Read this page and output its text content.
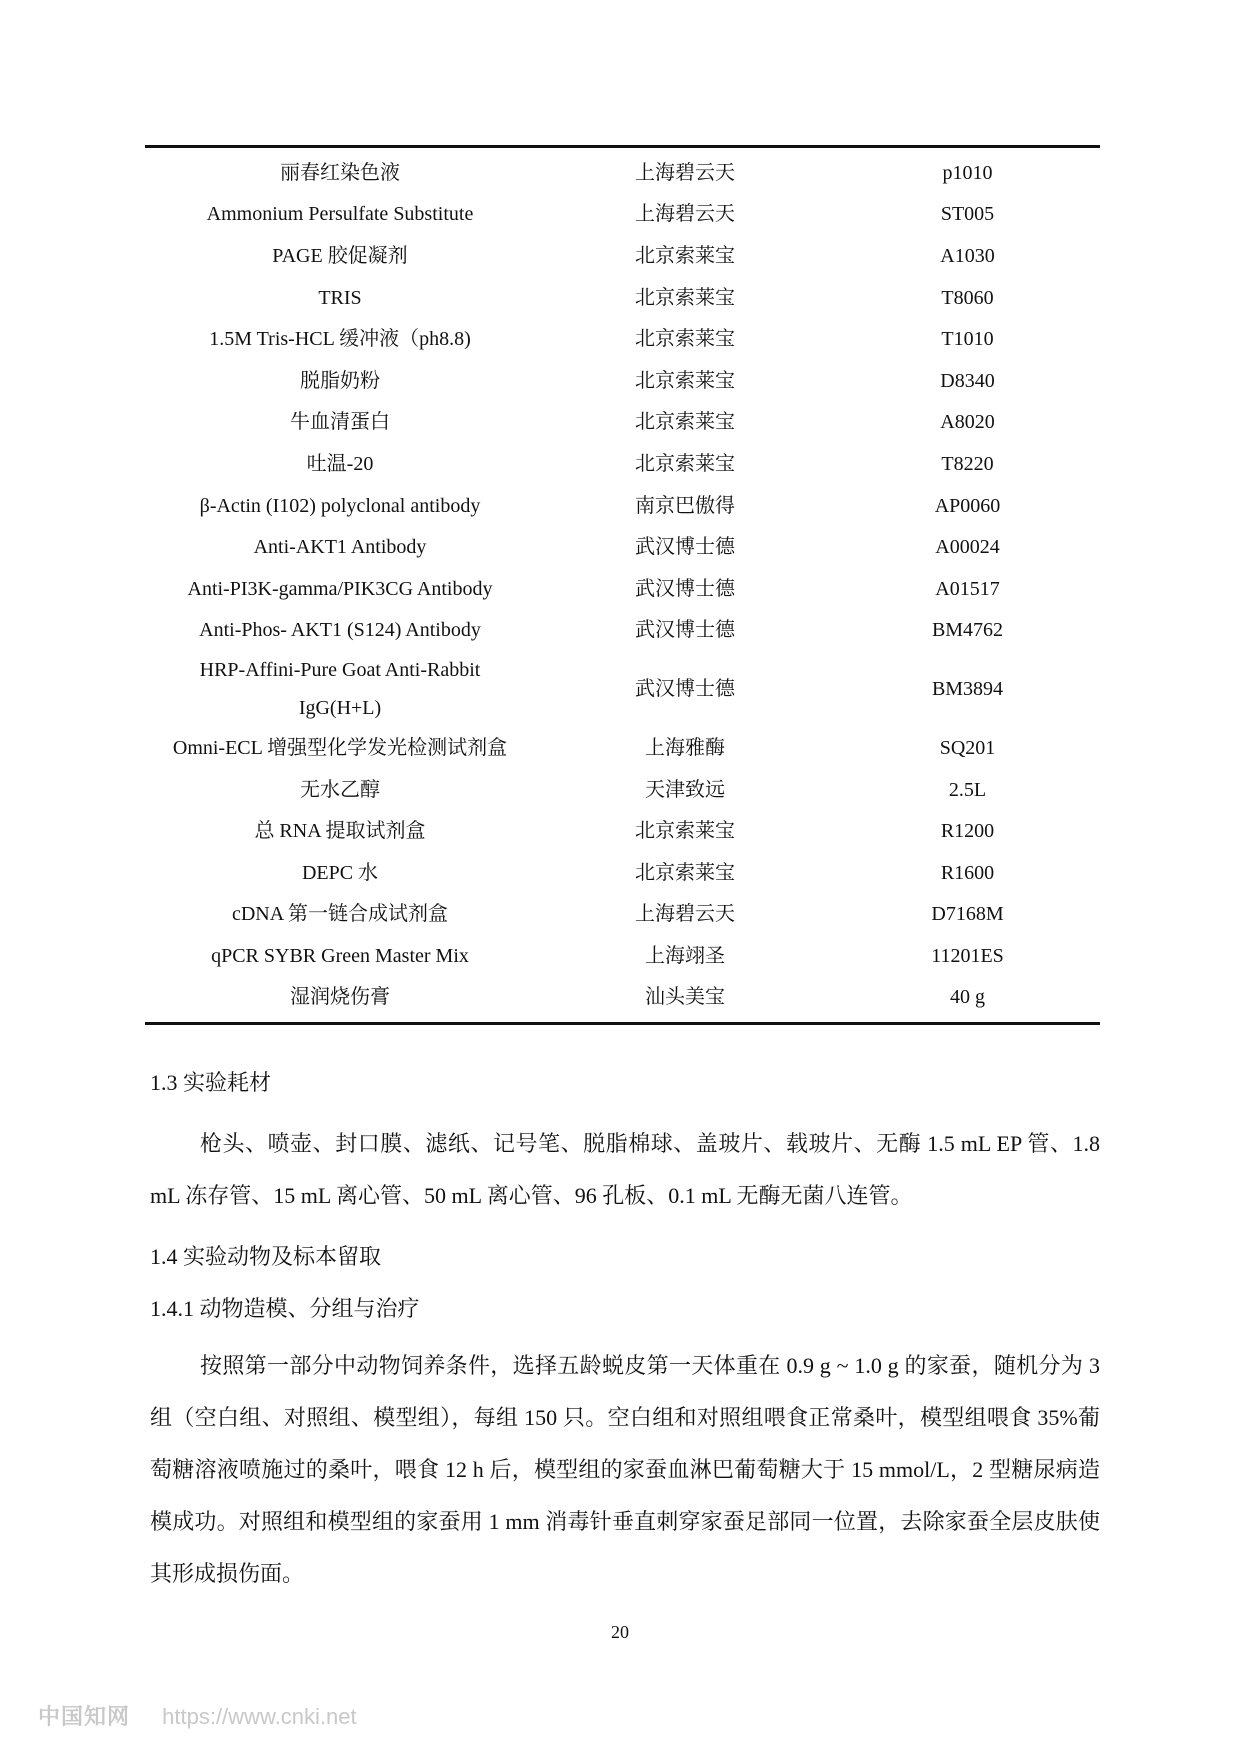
丽春红染色液	上海碧云天	p1010
Ammonium Persulfate Substitute	上海碧云天	ST005
PAGE 胶促凝剂	北京索莱宝	A1030
TRIS	北京索莱宝	T8060
1.5M Tris-HCL 缓冲液（ph8.8)	北京索莱宝	T1010
脱脂奶粉	北京索莱宝	D8340
牛血清蛋白	北京索莱宝	A8020
吐温-20	北京索莱宝	T8220
β-Actin (I102) polyclonal antibody	南京巴傲得	AP0060
Anti-AKT1 Antibody	武汉博士德	A00024
Anti-PI3K-gamma/PIK3CG Antibody	武汉博士德	A01517
Anti-Phos- AKT1 (S124) Antibody	武汉博士德	BM4762

HRP-Affini-Pure Goat Anti-Rabbit
IgG(H+L)	武汉博士德	BM3894
Omni-ECL 增强型化学发光检测试剂盒	上海雅酶	SQ201
无水乙醇	天津致远	2.5L
总 RNA 提取试剂盒	北京索莱宝	R1200
DEPC 水	北京索莱宝	R1600
cDNA 第一链合成试剂盒	上海碧云天	D7168M
qPCR SYBR Green Master Mix	上海翊圣	11201ES
湿润烧伤膏	汕头美宝	40 g
1.3 实验耗材
枪头、喷壶、封口膜、滤纸、记号笔、脱脂棉球、盖玻片、载玻片、无酶 1.5 mL EP 管、1.8 mL 冻存管、15 mL 离心管、50 mL 离心管、96 孔板、0.1 mL 无酶无菌八连管。
1.4 实验动物及标本留取
1.4.1 动物造模、分组与治疗
按照第一部分中动物饲养条件，选择五龄蜕皮第一天体重在 0.9 g ~ 1.0 g 的家蚕，随机分为 3 组（空白组、对照组、模型组），每组 150 只。空白组和对照组喂食正常桑叶，模型组喂食 35%葡萄糖溶液喷施过的桑叶，喂食 12 h 后，模型组的家蚕血淋巴葡萄糖大于 15 mmol/L，2 型糖尿病造模成功。对照组和模型组的家蚕用 1 mm 消毒针垂直刺穿家蚕足部同一位置，去除家蚕全层皮肤使其形成损伤面。
20
中国知网 https://www.cnki.net
